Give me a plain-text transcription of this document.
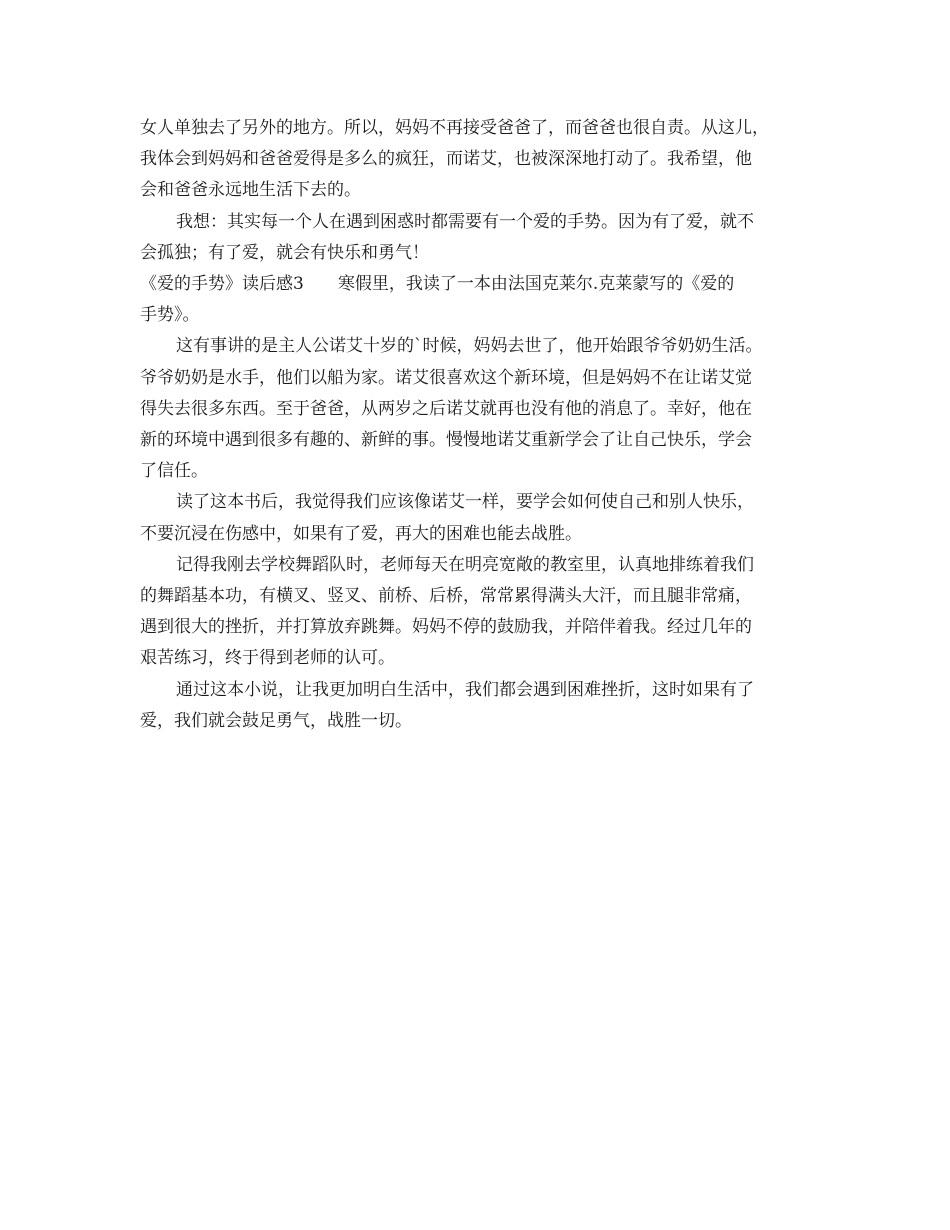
女人单独去了另外的地方。所以，妈妈不再接受爸爸了，而爸爸也很自责。从这儿，
我体会到妈妈和爸爸爱得是多么的疯狂，而诺艾，也被深深地打动了。我希望，他
会和爸爸永远地生活下去的。
我想：其实每一个人在遇到困惑时都需要有一个爱的手势。因为有了爱，就不
会孤独；有了爱，就会有快乐和勇气！
《爱的手势》读后感3　　寒假里，我读了一本由法国克莱尔.克莱蒙写的《爱的
手势》。
这有事讲的是主人公诺艾十岁的`时候，妈妈去世了，他开始跟爷爷奶奶生活。
爷爷奶奶是水手，他们以船为家。诺艾很喜欢这个新环境，但是妈妈不在让诺艾觉
得失去很多东西。至于爸爸，从两岁之后诺艾就再也没有他的消息了。幸好，他在
新的环境中遇到很多有趣的、新鲜的事。慢慢地诺艾重新学会了让自己快乐，学会
了信任。
读了这本书后，我觉得我们应该像诺艾一样，要学会如何使自己和别人快乐，
不要沉浸在伤感中，如果有了爱，再大的困难也能去战胜。
记得我刚去学校舞蹈队时，老师每天在明亮宽敞的教室里，认真地排练着我们
的舞蹈基本功，有横叉、竖叉、前桥、后桥，常常累得满头大汗，而且腿非常痛，
遇到很大的挫折，并打算放弃跳舞。妈妈不停的鼓励我，并陪伴着我。经过几年的
艰苦练习，终于得到老师的认可。
通过这本小说，让我更加明白生活中，我们都会遇到困难挫折，这时如果有了
爱，我们就会鼓足勇气，战胜一切。
